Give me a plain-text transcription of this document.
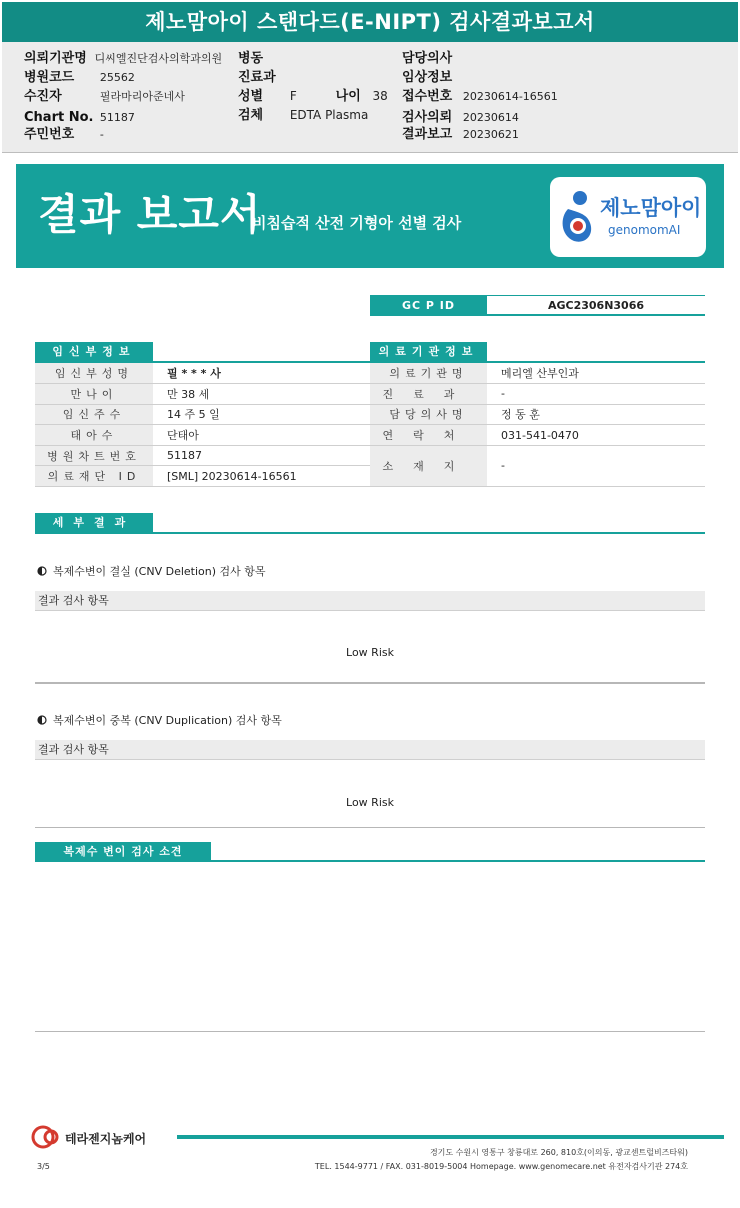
제노맘아이 스탠다드(E-NIPT) 검사결과보고서
의뢰기관명 디씨엘진단검사의학과의원
병원코드 25562
수진자	필라마리아준네사
Chart No. 51187
주민번호 -
병동
진료과
성별 F	나이 38
검체 EDTA Plasma
담당의사
임상정보
접수번호 20230614-16561
검사의뢰 20230614
결과보고 20230621
결과 보고서
비침습적 산전 기형아 선별 검사
제노맘아이
genomomAI
GC P ID	AGC2306N3066
임신부정보
임신부성명	필 * * * 사
만나이	만 38 세
임신주수	14 주 5 일
태아수	단태아
병원차트번호	51187
의료재단 ID	[SML] 20230614-16561
의료기관정보
의료기관명	메리엘 산부인과
진료과	-
담당의사명	정 동 훈
연락처	031-541-0470
소재지	-
세부결과
복제수변이 결실 (CNV Deletion) 검사 항목
결과 검사 항목
Low Risk
복제수변이 중복 (CNV Duplication) 검사 항목
결과 검사 항목
Low Risk
복제수 변이 검사 소견
테라젠지놈케어
경기도 수원시 영통구 창룡대로 260, 810호(이의동, 광교센트럴비즈타워)
TEL. 1544-9771 / FAX. 031-8019-5004 Homepage. www.genomecare.net 유전자검사기관 274호
3/5
